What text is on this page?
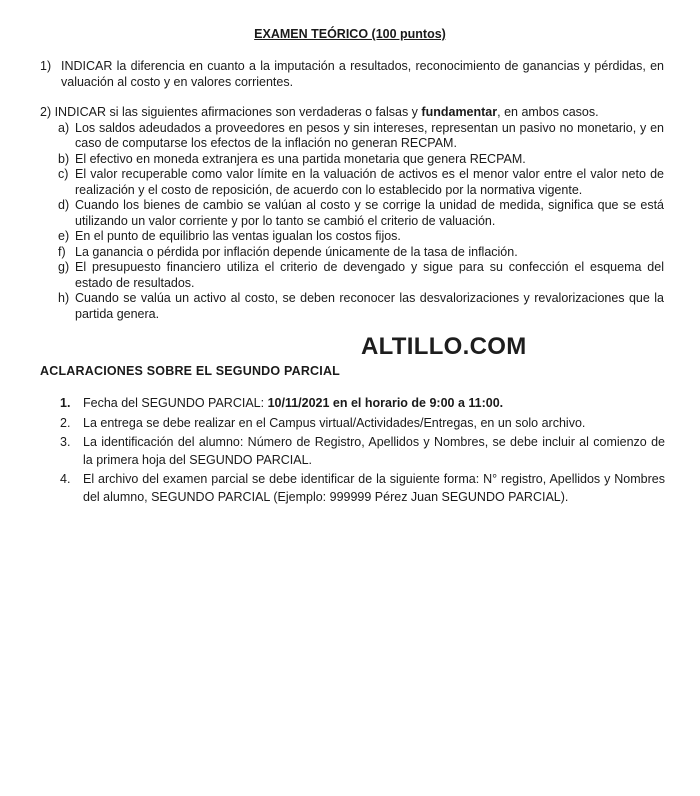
EXAMEN TEÓRICO (100 puntos)
1) INDICAR la diferencia en cuanto a la imputación a resultados, reconocimiento de ganancias y pérdidas, en valuación al costo y en valores corrientes.
2) INDICAR si las siguientes afirmaciones son verdaderas o falsas y fundamentar, en ambos casos.
a) Los saldos adeudados a proveedores en pesos y sin intereses, representan un pasivo no monetario, y en caso de computarse los efectos de la inflación no generan RECPAM.
b) El efectivo en moneda extranjera es una partida monetaria que genera RECPAM.
c) El valor recuperable como valor límite en la valuación de activos es el menor valor entre el valor neto de realización y el costo de reposición, de acuerdo con lo establecido por la normativa vigente.
d) Cuando los bienes de cambio se valúan al costo y se corrige la unidad de medida, significa que se está utilizando un valor corriente y por lo tanto se cambió el criterio de valuación.
e) En el punto de equilibrio las ventas igualan los costos fijos.
f) La ganancia o pérdida por inflación depende únicamente de la tasa de inflación.
g) El presupuesto financiero utiliza el criterio de devengado y sigue para su confección el esquema del estado de resultados.
h) Cuando se valúa un activo al costo, se deben reconocer las desvalorizaciones y revalorizaciones que la partida genera.
ALTILLO.COM
ACLARACIONES SOBRE EL SEGUNDO PARCIAL
1. Fecha del SEGUNDO PARCIAL: 10/11/2021 en el horario de 9:00 a 11:00.
2. La entrega se debe realizar en el Campus virtual/Actividades/Entregas, en un solo archivo.
3. La identificación del alumno: Número de Registro, Apellidos y Nombres, se debe incluir al comienzo de la primera hoja del SEGUNDO PARCIAL.
4. El archivo del examen parcial se debe identificar de la siguiente forma: N° registro, Apellidos y Nombres del alumno, SEGUNDO PARCIAL (Ejemplo: 999999 Pérez Juan SEGUNDO PARCIAL).
